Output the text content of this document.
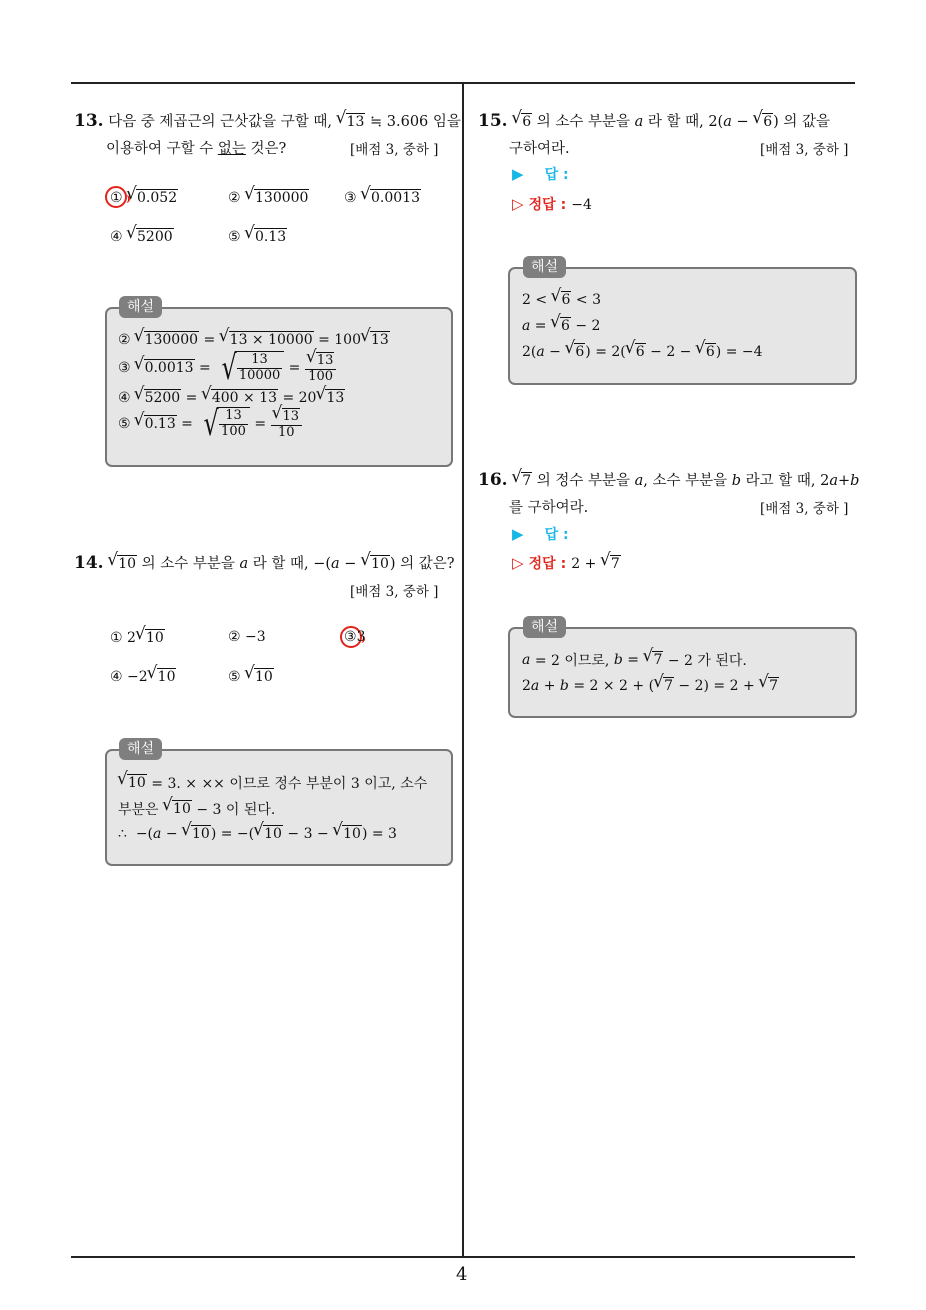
4
13. 다음 중 제곱근의 근삿값을 구할 때, √ 13 ≒ 3.606 임을
이용하여 구할 수 없는 것은?	[배점 3, 중하 ]
① √ 0.052	② √ 130000	③ √ 0.0013
④ √ 5200	⑤ √ 0.13
해설
②	√ 130000 = √ 13 × 10000 = 100 √ 13
③	√ 0.0013 = √ $\frac{13}{10000}$ = √ $\frac{13}{100}$
④	√ 5200 = √ 400 × 13 = 20 √ 13
⑤	√ 0.13 = √ $\frac{13}{100}$ = √ $\frac{13}{10}$
14. √ 10 의 소수 부분을 a 라 할 때, −(a − √ 10) 의 값은?
[배점 3, 중하 ]
① 2 √ 10	② −3	③3
④ −2 √ 10	⑤ √ 10
해설
√ 10
= 3. × ×× 이므로 정수 부분이 3 이고, 소수
부분은
	√ 10
− 3 이 된다.
∴ −( a − √ 10 ) = −( √ 10 − 3 − √ 10 ) = 3
15. √ 6 의 소수 부분을 a 라 할 때, 2(a − √ 6) 의 값을
구하여라.	[배점 3, 중하 ]
▶ 답 :
▷ 정답 : −4
해설
2 < √ 6 < 3
a = √ 6 − 2
2( a − √ 6 ) = 2( √ 6 − 2 − √ 6 ) = −4
16. √ 7 의 정수 부분을 a, 소수 부분을 b 라고 할 때, 2a+b
를 구하여라.	[배점 3, 중하 ]
▶ 답 :
▷ 정답 : 2 + √ 7
해설
a
= 2 이므로,
b = √ 7
− 2 가 된다.
2 a + b = 2 × 2 + ( √ 7 − 2) = 2 + √ 7
